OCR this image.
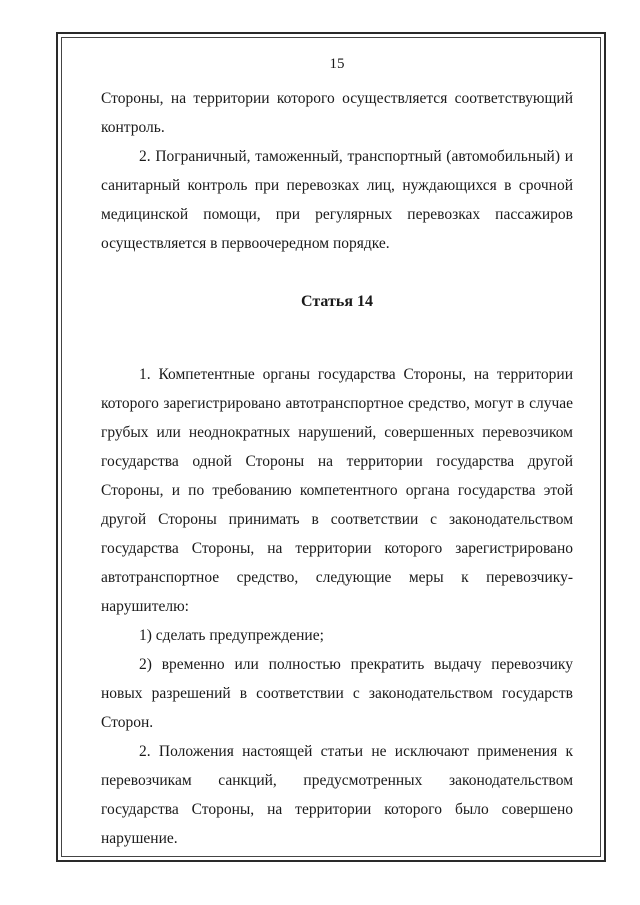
15

Стороны, на территории которого осуществляется соответствующий контроль.

2. Пограничный, таможенный, транспортный (автомобильный) и санитарный контроль при перевозках лиц, нуждающихся в срочной медицинской помощи, при регулярных перевозках пассажиров осуществляется в первоочередном порядке.

Статья 14

1. Компетентные органы государства Стороны, на территории которого зарегистрировано автотранспортное средство, могут в случае грубых или неоднократных нарушений, совершенных перевозчиком государства одной Стороны на территории государства другой Стороны, и по требованию компетентного органа государства этой другой Стороны принимать в соответствии с законодательством государства Стороны, на территории которого зарегистрировано автотранспортное средство, следующие меры к перевозчику-нарушителю:

1) сделать предупреждение;

2) временно или полностью прекратить выдачу перевозчику новых разрешений в соответствии с законодательством государств Сторон.

2. Положения настоящей статьи не исключают применения к перевозчикам санкций, предусмотренных законодательством государства Стороны, на территории которого было совершено нарушение.
